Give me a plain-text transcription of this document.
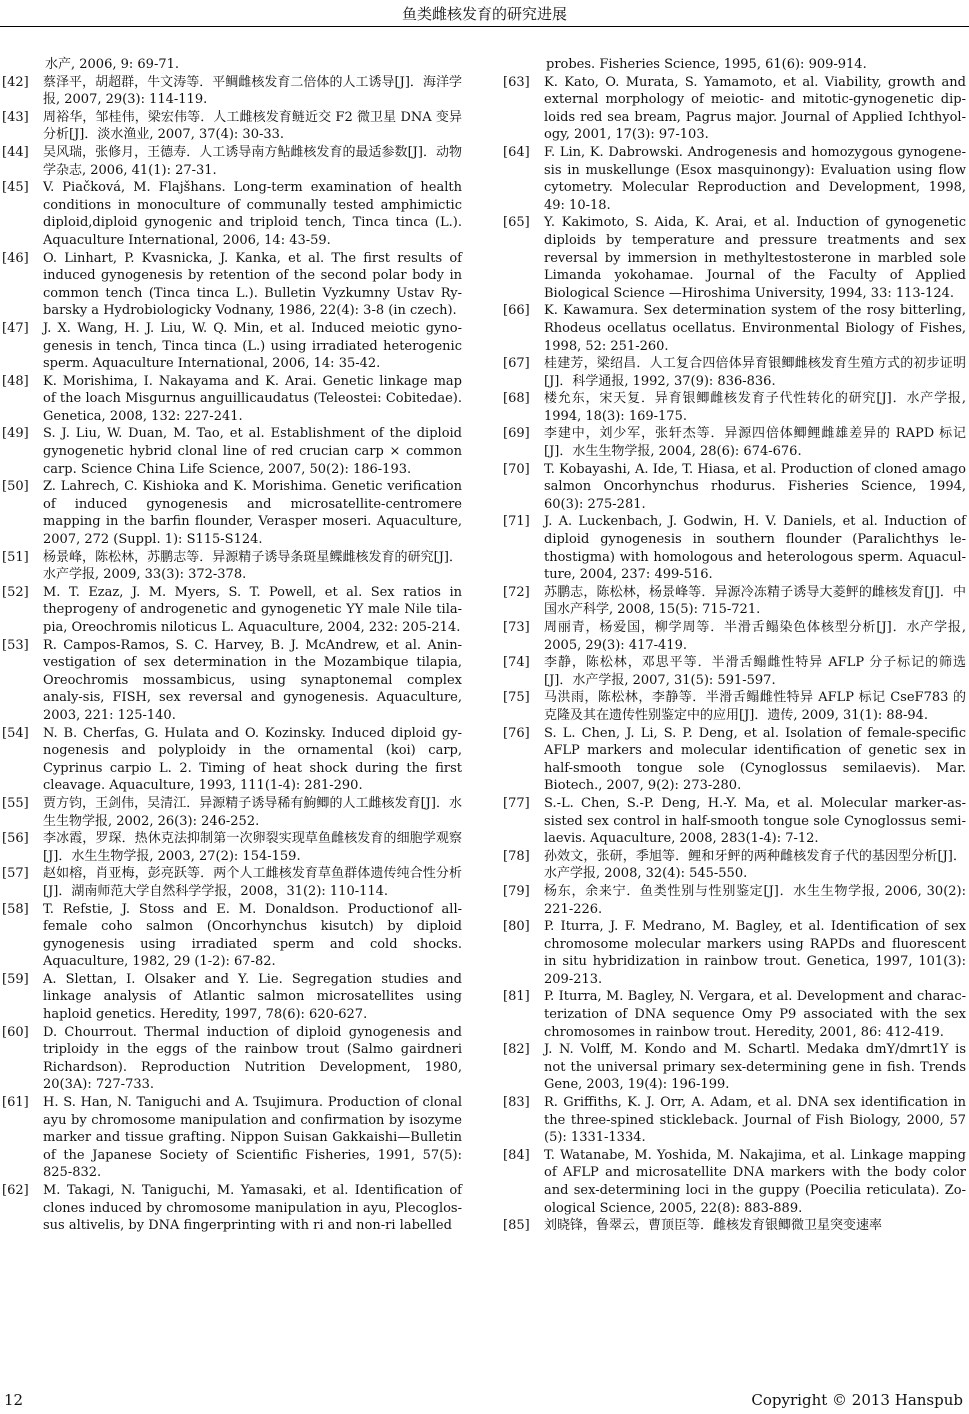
鱼类雌核发育的研究进展
水产, 2006, 9: 69-71.
[42]	蔡泽平，胡超群，牛文涛等．平鲷雌核发育二倍体的人工诱导[J]．海洋学报, 2007, 29(3): 114-119.
[43]	周裕华，邹桂伟，梁宏伟等．人工雌核发育鲢近交 F2 微卫星 DNA 变异分析[J]．淡水渔业, 2007, 37(4): 30-33.
[44]	吴风瑞，张修月，王德寿．人工诱导南方鲇雌核发育的最适参数[J]．动物学杂志, 2006, 41(1): 27-31.
[45]	V. Piačková, M. Flajšhans. Long-term examination of health conditions in monoculture of communally tested amphimictic diploid,diploid gynogenic and triploid tench, Tinca tinca (L.). Aquaculture International, 2006, 14: 43-59.
[46]	O. Linhart, P. Kvasnicka, J. Kanka, et al. The first results of induced gynogenesis by retention of the second polar body in common tench (Tinca tinca L.). Bulletin Vyzkumny Ustav Ry-barsky a Hydrobiologicky Vodnany, 1986, 22(4): 3-8 (in czech).
[47]	J. X. Wang, H. J. Liu, W. Q. Min, et al. Induced meiotic gyno-genesis in tench, Tinca tinca (L.) using irradiated heterogenic sperm. Aquaculture International, 2006, 14: 35-42.
[48]	K. Morishima, I. Nakayama and K. Arai. Genetic linkage map of the loach Misgurnus anguillicaudatus (Teleostei: Cobitedae). Genetica, 2008, 132: 227-241.
[49]	S. J. Liu, W. Duan, M. Tao, et al. Establishment of the diploid gynogenetic hybrid clonal line of red crucian carp × common carp. Science China Life Science, 2007, 50(2): 186-193.
[50]	Z. Lahrech, C. Kishioka and K. Morishima. Genetic verification of induced gynogenesis and microsatellite-centromere mapping in the barfin flounder, Verasper moseri. Aquaculture, 2007, 272 (Suppl. 1): S115-S124.
[51]	杨景峰，陈松林，苏鹏志等．异源精子诱导条斑星鲽雌核发育的研究[J]．水产学报, 2009, 33(3): 372-378.
[52]	M. T. Ezaz, J. M. Myers, S. T. Powell, et al. Sex ratios in theprogeny of androgenetic and gynogenetic YY male Nile tila-pia, Oreochromis niloticus L. Aquaculture, 2004, 232: 205-214.
[53]	R. Campos-Ramos, S. C. Harvey, B. J. McAndrew, et al. Anin-vestigation of sex determination in the Mozambique tilapia, Oreochromis mossambicus, using synaptonemal complex analy-sis, FISH, sex reversal and gynogenesis. Aquaculture, 2003, 221: 125-140.
[54]	N. B. Cherfas, G. Hulata and O. Kozinsky. Induced diploid gy-nogenesis and polyploidy in the ornamental (koi) carp, Cyprinus carpio L. 2. Timing of heat shock during the first cleavage. Aquaculture, 1993, 111(1-4): 281-290.
[55]	贾方钧，王剑伟，吴清江．异源精子诱导稀有鮈鲫的人工雌核发育[J]．水生生物学报, 2002, 26(3): 246-252.
[56]	李冰霞，罗琛．热休克法抑制第一次卵裂实现草鱼雌核发育的细胞学观察[J]．水生生物学报, 2003, 27(2): 154-159.
[57]	赵如榕，肖亚梅，彭亮跃等．两个人工雌核发育草鱼群体遗传纯合性分析[J]．湖南师范大学自然科学学报，2008，31(2): 110-114.
[58]	T. Refstie, J. Stoss and E. M. Donaldson. Productionof all-female coho salmon (Oncorhynchus kisutch) by diploid gynogenesis using irradiated sperm and cold shocks. Aquaculture, 1982, 29 (1-2): 67-82.
[59]	A. Slettan, I. Olsaker and Y. Lie. Segregation studies and linkage analysis of Atlantic salmon microsatellites using haploid genetics. Heredity, 1997, 78(6): 620-627.
[60]	D. Chourrout. Thermal induction of diploid gynogenesis and triploidy in the eggs of the rainbow trout (Salmo gairdneri Richardson). Reproduction Nutrition Development, 1980, 20(3A): 727-733.
[61]	H. S. Han, N. Taniguchi and A. Tsujimura. Production of clonal ayu by chromosome manipulation and confirmation by isozyme marker and tissue grafting. Nippon Suisan Gakkaishi—Bulletin of the Japanese Society of Scientific Fisheries, 1991, 57(5): 825-832.
[62]	M. Takagi, N. Taniguchi, M. Yamasaki, et al. Identification of clones induced by chromosome manipulation in ayu, Plecoglos-sus altivelis, by DNA fingerprinting with ri and non-ri labelled
probes. Fisheries Science, 1995, 61(6): 909-914.
[63]	K. Kato, O. Murata, S. Yamamoto, et al. Viability, growth and external morphology of meiotic- and mitotic-gynogenetic dip-loids red sea bream, Pagrus major. Journal of Applied Ichthyol-ogy, 2001, 17(3): 97-103.
[64]	F. Lin, K. Dabrowski. Androgenesis and homozygous gynogene-sis in muskellunge (Esox masquinongy): Evaluation using flow cytometry. Molecular Reproduction and Development, 1998, 49: 10-18.
[65]	Y. Kakimoto, S. Aida, K. Arai, et al. Induction of gynogenetic diploids by temperature and pressure treatments and sex reversal by immersion in methyltestosterone in marbled sole Limanda yokohamae. Journal of the Faculty of Applied Biological Science —Hiroshima University, 1994, 33: 113-124.
[66]	K. Kawamura. Sex determination system of the rosy bitterling, Rhodeus ocellatus ocellatus. Environmental Biology of Fishes, 1998, 52: 251-260.
[67]	桂建芳，梁绍昌．人工复合四倍体异育银鲫雌核发育生殖方式的初步证明[J]．科学通报, 1992, 37(9): 836-836.
[68]	楼允东，宋天复．异育银鲫雌核发育子代性转化的研究[J]．水产学报, 1994, 18(3): 169-175.
[69]	李建中，刘少军，张轩杰等．异源四倍体鲫鲤雌雄差异的 RAPD 标记[J]．水生生物学报, 2004, 28(6): 674-676.
[70]	T. Kobayashi, A. Ide, T. Hiasa, et al. Production of cloned amago salmon Oncorhynchus rhodurus. Fisheries Science, 1994, 60(3): 275-281.
[71]	J. A. Luckenbach, J. Godwin, H. V. Daniels, et al. Induction of diploid gynogenesis in southern flounder (Paralichthys le-thostigma) with homologous and heterologous sperm. Aquacul-ture, 2004, 237: 499-516.
[72]	苏鹏志，陈松林，杨景峰等．异源冷冻精子诱导大菱鲆的雌核发育[J]．中国水产科学, 2008, 15(5): 715-721.
[73]	周丽青，杨爱国，柳学周等．半滑舌鳎染色体核型分析[J]．水产学报, 2005, 29(3): 417-419.
[74]	李静，陈松林，邓思平等．半滑舌鳎雌性特异 AFLP 分子标记的筛选[J]．水产学报, 2007, 31(5): 591-597.
[75]	马洪雨，陈松林，李静等．半滑舌鳎雌性特异 AFLP 标记 CseF783 的克隆及其在遗传性别鉴定中的应用[J]．遗传, 2009, 31(1): 88-94.
[76]	S. L. Chen, J. Li, S. P. Deng, et al. Isolation of female-specific AFLP markers and molecular identification of genetic sex in half-smooth tongue sole (Cynoglossus semilaevis). Mar. Biotech., 2007, 9(2): 273-280.
[77]	S.-L. Chen, S.-P. Deng, H.-Y. Ma, et al. Molecular marker-as-sisted sex control in half-smooth tongue sole Cynoglossus semi-laevis. Aquaculture, 2008, 283(1-4): 7-12.
[78]	孙效文，张研，季旭等．鲤和牙鲆的两种雌核发育子代的基因型分析[J]．水产学报, 2008, 32(4): 545-550.
[79]	杨东，余来宁．鱼类性别与性别鉴定[J]．水生生物学报, 2006, 30(2): 221-226.
[80]	P. Iturra, J. F. Medrano, M. Bagley, et al. Identification of sex chromosome molecular markers using RAPDs and fluorescent in situ hybridization in rainbow trout. Genetica, 1997, 101(3): 209-213.
[81]	P. Iturra, M. Bagley, N. Vergara, et al. Development and charac-terization of DNA sequence Omy P9 associated with the sex chromosomes in rainbow trout. Heredity, 2001, 86: 412-419.
[82]	J. N. Volff, M. Kondo and M. Schartl. Medaka dmY/dmrt1Y is not the universal primary sex-determining gene in fish. Trends Gene, 2003, 19(4): 196-199.
[83]	R. Griffiths, K. J. Orr, A. Adam, et al. DNA sex identification in the three-spined stickleback. Journal of Fish Biology, 2000, 57 (5): 1331-1334.
[84]	T. Watanabe, M. Yoshida, M. Nakajima, et al. Linkage mapping of AFLP and microsatellite DNA markers with the body color and sex-determining loci in the guppy (Poecilia reticulata). Zo-ological Science, 2005, 22(8): 883-889.
[85]	刘晓锋，鲁翠云，曹顶臣等．雌核发育银鲫微卫星突变速率
12	Copyright © 2013 Hanspub
